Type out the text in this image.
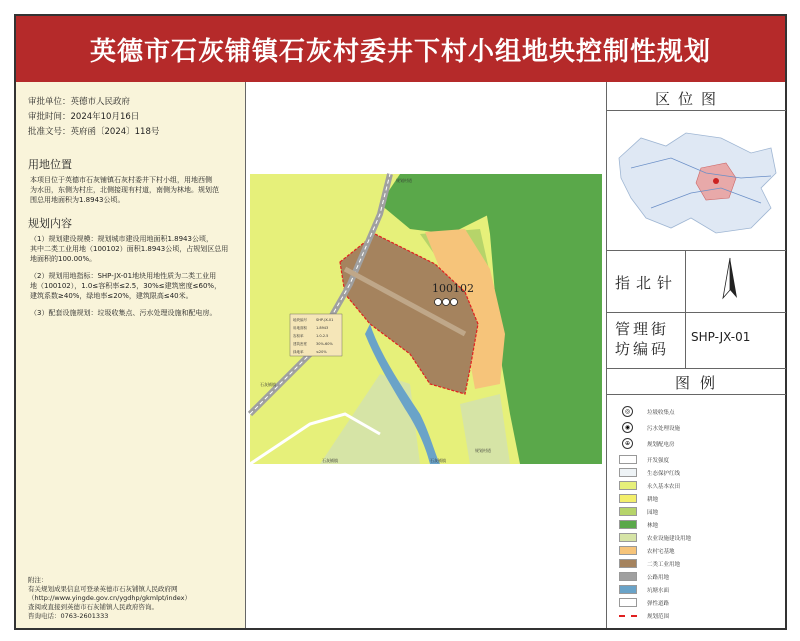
英德市石灰铺镇石灰村委井下村小组地块控制性规划
审批单位：英德市人民政府
审批时间：2024年10月16日
批准文号：英府函〔2024〕118号
用地位置
本项目位于英德市石灰铺镇石灰村委井下村小组，用地西侧
为水田，东侧为村庄，北侧接现有村道，南侧为林地。规划范
围总用地面积为1.8943公顷。
规划内容
（1）规划建设规模：规划城市建设用地面积1.8943公顷，
其中二类工业用地（100102）面积1.8943公顷，占规划区总用
地面积的100.00%。
（2）规划用地指标：SHP-JX-01地块用地性质为二类工业用
地（100102），1.0≤容积率≤2.5，30%≤建筑密度≤60%，
建筑系数≥40%，绿地率≤20%，建筑限高≤40米。
（3）配套设施规划：垃圾收集点、污水处理设施和配电房。
附注：
有关规划成果信息可登录英德市石灰铺镇人民政府网
（http://www.yingde.gov.cn/ygdhp/gkmlpt/index）
查阅或直接到英德市石灰铺镇人民政府咨询。
咨询电话：0763-2601333
100102
地块编号	SHP-JX-01
用地面积	1.8943
容积率	1.0-2.5
建筑密度	30%-60%
绿地率	≤20%
规划村道
石灰铺镇
石灰铺镇	石灰铺镇
规划村道
区位图
指北针
管理街
坊编码
SHP-JX-01
图例
◎	垃圾收集点
◉	污水处理设施
⊕	规划配电房
开发强度
生态保护红线
永久基本农田
耕地
园地
林地
农业设施建设用地
农村宅基地
二类工业用地
公路用地
坑塘水面
弹性道路
规划范围
